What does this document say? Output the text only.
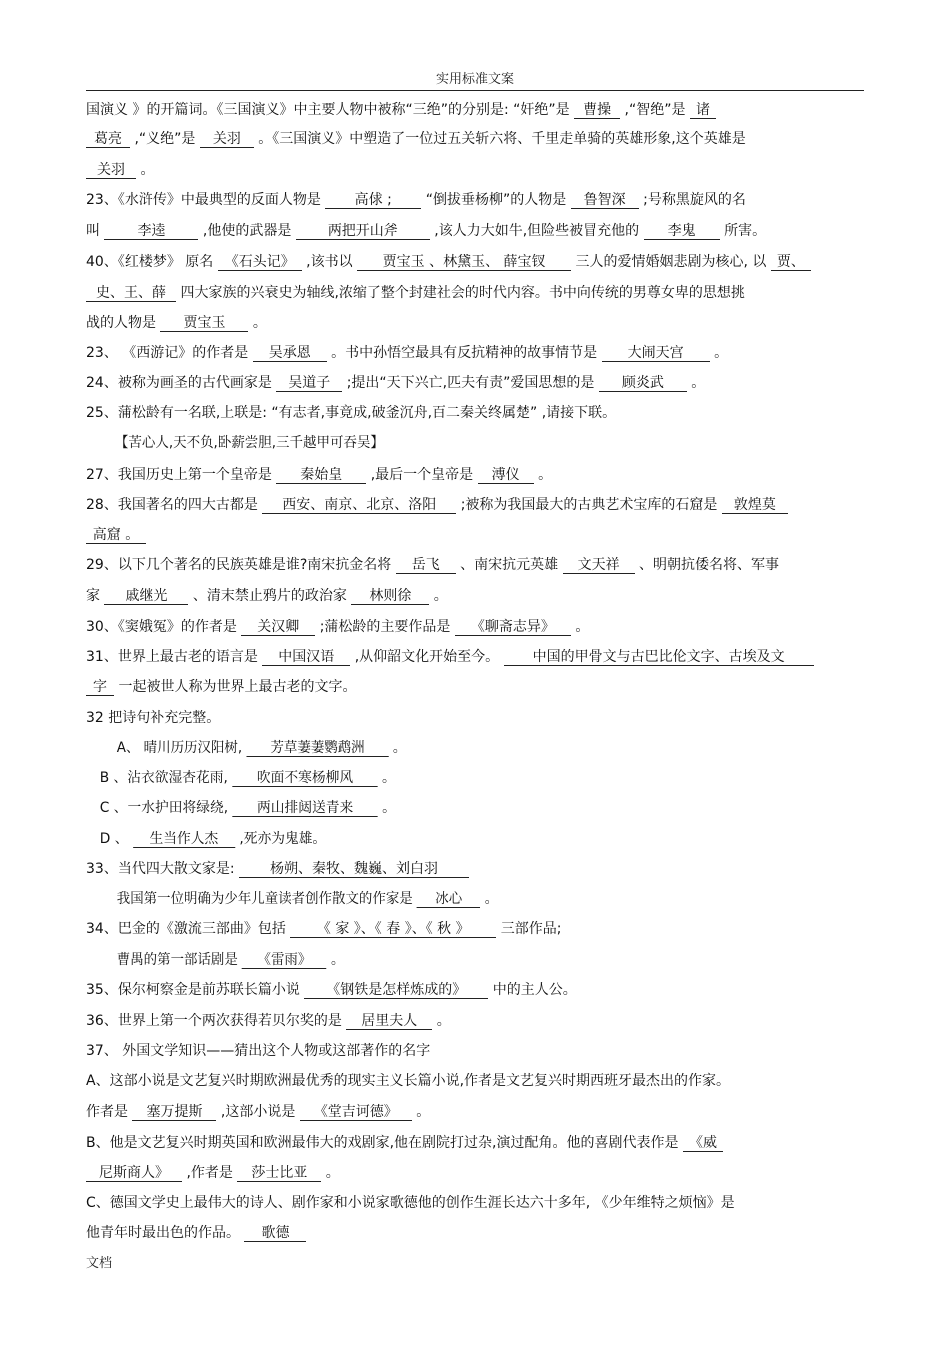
实用标准文案
国演义 》的开篇词。《三国演义》中主要人物中被称“三绝”的分别是: “奸绝”是 曹操 ,“智绝”是 诸
葛亮 ,“义绝”是 关羽 。《三国演义》中塑造了一位过五关斩六将、千里走单骑的英雄形象,这个英雄是
关羽 。
23、《水浒传》中最典型的反面人物是 高俅 ; “倒拔垂杨柳”的人物是 鲁智深 ;号称黑旋风的名
叫 李逵 ,他使的武器是 两把开山斧 ,该人力大如牛,但险些被冒充他的 李鬼 所害。
40、《红楼梦》 原名 《石头记》 ,该书以 贾宝玉 、林黛玉、 薛宝钗 三人的爱情婚姻悲剧为核心, 以 贾、
史、王、薛 四大家族的兴衰史为轴线,浓缩了整个封建社会的时代内容。书中向传统的男尊女卑的思想挑
战的人物是 贾宝玉 。
23、 《西游记》的作者是 吴承恩 。书中孙悟空最具有反抗精神的故事情节是 大闹天宫 。
24、被称为画圣的古代画家是 吴道子 ;提出“天下兴亡,匹夫有责”爱国思想的是 顾炎武 。
25、蒲松龄有一名联,上联是: “有志者,事竟成,破釜沉舟,百二秦关终属楚” ,请接下联。
【苦心人,天不负,卧薪尝胆,三千越甲可吞吴】
27、我国历史上第一个皇帝是 秦始皇 ,最后一个皇帝是 溥仪 。
28、我国著名的四大古都是 西安、南京、北京、洛阳 ;被称为我国最大的古典艺术宝库的石窟是 敦煌莫
高窟 。
29、以下几个著名的民族英雄是谁?南宋抗金名将 岳飞 、南宋抗元英雄 文天祥 、明朝抗倭名将、军事
家 戚继光 、清末禁止鸦片的政治家 林则徐 。
30、《窦娥冤》的作者是 关汉卿 ;蒲松龄的主要作品是 《聊斋志异》 。
31、世界上最古老的语言是 中国汉语 ,从仰韶文化开始至今。 中国的甲骨文与古巴比伦文字、古埃及文
字 一起被世人称为世界上最古老的文字。
32 把诗句补充完整。
A、 晴川历历汉阳树, 芳草萋萋鹦鹉洲 。
B 、沾衣欲湿杏花雨, 吹面不寒杨柳风 。
C 、一水护田将绿绕, 两山排闼送青来 。
D 、 生当作人杰 ,死亦为鬼雄。
33、当代四大散文家是: 杨朔、秦牧、魏巍、刘白羽
我国第一位明确为少年儿童读者创作散文的作家是 冰心 。
34、巴金的《激流三部曲》包括 《 家 》、《 春 》、《 秋 》 三部作品;
曹禺的第一部话剧是 《雷雨》 。
35、保尔柯察金是前苏联长篇小说 《钢铁是怎样炼成的》 中的主人公。
36、世界上第一个两次获得若贝尔奖的是 居里夫人 。
37、 外国文学知识——猜出这个人物或这部著作的名字
A、这部小说是文艺复兴时期欧洲最优秀的现实主义长篇小说,作者是文艺复兴时期西班牙最杰出的作家。
作者是 塞万提斯 ,这部小说是 《堂吉诃德》 。
B、他是文艺复兴时期英国和欧洲最伟大的戏剧家,他在剧院打过杂,演过配角。他的喜剧代表作是 《威
尼斯商人》 ,作者是 莎士比亚 。
C、德国文学史上最伟大的诗人、剧作家和小说家歌德他的创作生涯长达六十多年, 《少年维特之烦恼》是
他青年时最出色的作品。 歌德
文档
